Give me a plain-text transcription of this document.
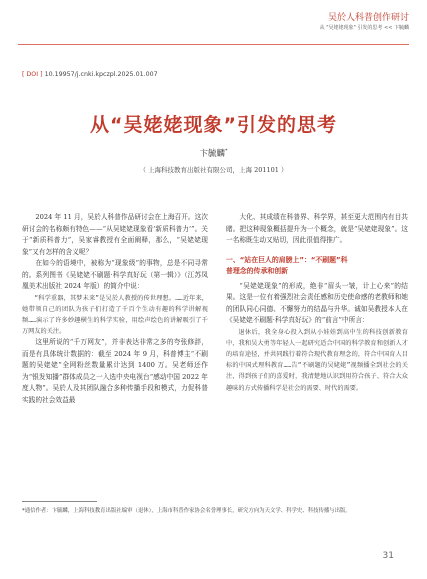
吴於人科普创作研讨
从 "吴姥姥现象" 引发的思考 << 卞毓麟
[ DOI ] 10.19957/j.cnki.kpczpl.2025.01.007
从“吴姥姥现象”引发的思考
卞毓麟*
（ 上海科技教育出版社有限公司，上海 201101 ）

2024 年 11 月，吴於人科普作品研讨会在上海召开。这次研讨会的名称颇有特色——“从吴姥姥现象看‘新质科普力’”。关于“新质科普力”，吴家睿教授有全面阐释，那么，“吴姥姥现象”又有怎样的含义呢？

在如今的语境中，被称为“现象级”的事物，总是不同寻常的。系列图书《吴姥姥不刷题·科学真好玩（第一辑）》（江苏凤凰美术出版社 2024 年版）的简介中说：

“科学重器，其梦未来”是吴於人教授的传世理想。……近年来，她带领自己的团队为孩子们打造了千百个生动有趣的科学讲解视频……演示了许多妙趣横生的科学实验，用绘声绘色的讲解吸引了千万网友的关注。

这里所说的“千万网友”，并非表达非常之多的夸张修辞，而是有具体统计数据的：截至 2024 年 9 月，科普博主“不刷题的吴姥姥”全网粉丝数量累计达到 1400 万。吴老师还作为“银发知播”群体成员之一入选中央电视台“感动中国 2022 年度人物”。吴於人及其团队融合多种传播手段和模式，力促科普实践的社会效益最

大化、其成绩在科普界、科学界，甚至更大范围内有目共睹。把这种现象概括提升为一个概念，就是“吴姥姥现象”。这一名称既生动又贴切，因此很值得推广。

一、“站在巨人的肩膀上”：“不刷题”科
普理念的传承和创新

“吴姥姥现象”的形成，绝非“眉头一皱，计上心来”的结果。这是一位有着强烈社会责任感和历史使命感的老教师和她的团队同心同德、不懈努力的结晶与升华。诚如吴教授本人在《吴姥姥不刷题·科学真好玩》的“前言”中所言：

退休后，我全身心投入到从小娃娃到高中生的科技创新教育中，我和吴大勇等年轻人一起研究适合中国的科学教育和创新人才的培育途径，并共同践行着符合现代教育理念的，符合中国育人目标的中国式理科教育……告“不刷题的吴姥姥”视频播全到社会的关注，得到孩子们的喜爱时，我清楚地认识到用符合孩子、符合大众趣味的方式传播科学是社会的需要、时代的需要。

*通信作者：卞毓麟，上海科技教育出版社编审（退休），上海市科普作家协会名誉理事长，研究方向为天文学、科学史、科技传播与出版。
31
